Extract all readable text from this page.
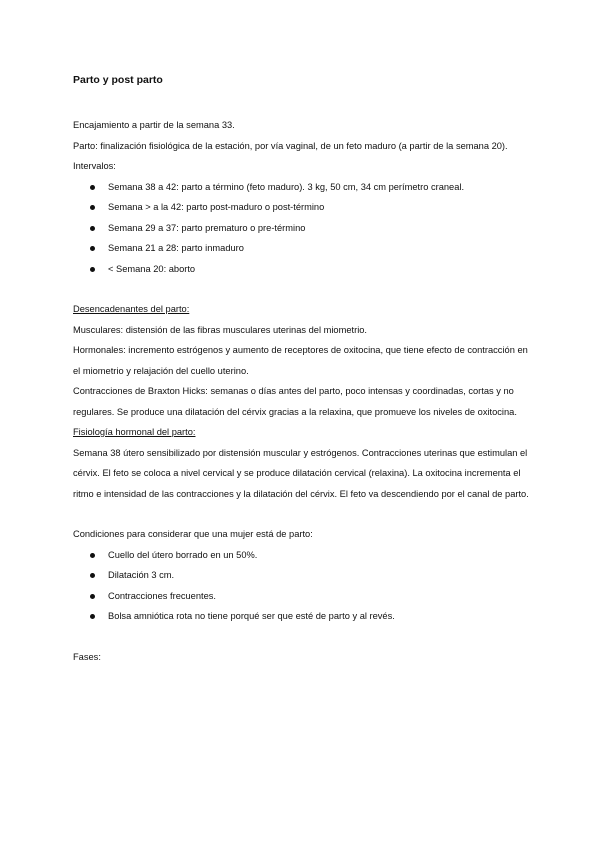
Parto y post parto

Encajamiento a partir de la semana 33.

Parto: finalización fisiológica de la estación, por vía vaginal, de un feto maduro (a partir de la semana 20).

Intervalos:

Semana 38 a 42: parto a término (feto maduro). 3 kg, 50 cm, 34 cm perímetro craneal.
Semana > a la 42: parto post-maduro o post-término
Semana 29 a 37: parto prematuro o pre-término
Semana 21 a 28: parto inmaduro
< Semana 20: aborto

Desencadenantes del parto:

Musculares: distensión de las fibras musculares uterinas del miometrio.

Hormonales: incremento estrógenos y aumento de receptores de oxitocina, que tiene efecto de contracción en el miometrio y relajación del cuello uterino.

Contracciones de Braxton Hicks: semanas o días antes del parto, poco intensas y coordinadas, cortas y no regulares. Se produce una dilatación del cérvix gracias a la relaxina, que promueve los niveles de oxitocina.

Fisiología hormonal del parto:

Semana 38 útero sensibilizado por distensión muscular y estrógenos. Contracciones uterinas que estimulan el cérvix. El feto se coloca a nivel cervical y se produce dilatación cervical (relaxina). La oxitocina incrementa el ritmo e intensidad de las contracciones y la dilatación del cérvix. El feto va descendiendo por el canal de parto.

Condiciones para considerar que una mujer está de parto:

Cuello del útero borrado en un 50%.
Dilatación 3 cm.
Contracciones frecuentes.
Bolsa amniótica rota no tiene porqué ser que esté de parto y al revés.

Fases:
